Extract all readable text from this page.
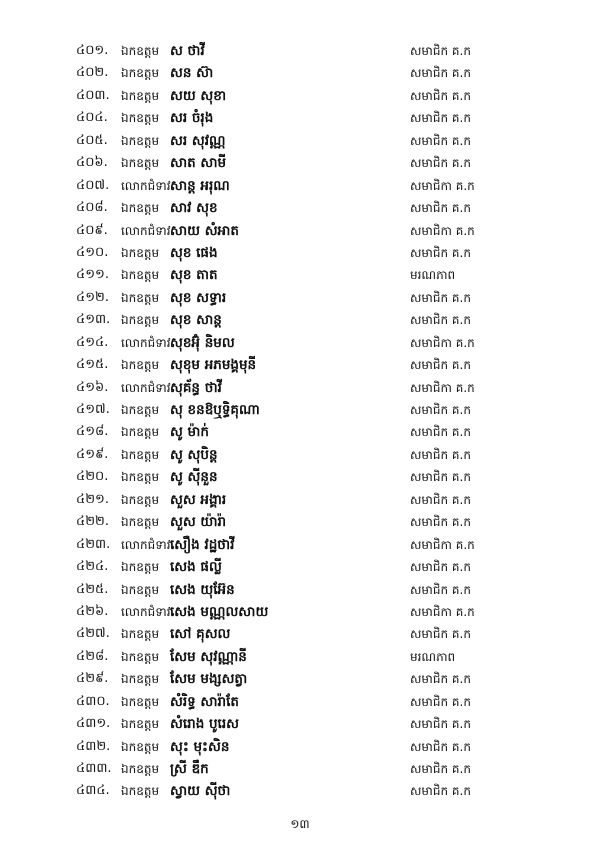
៤០១. ឯកឧត្តម ស ថាវី	សមាជិក គ.ក
៤០២. ឯកឧត្តម សន ស៊ា	សមាជិក គ.ក
៤០៣. ឯកឧត្តម សយ សុខា	សមាជិក គ.ក
៤០៤. ឯកឧត្តម សរ ចំរុង	សមាជិក គ.ក
៤០៥. ឯកឧត្តម សរ សុវណ្ណ	សមាជិក គ.ក
៤០៦. ឯកឧត្តម សាត សាមី	សមាជិក គ.ក
៤០៧. លោកជំទាវ សាន្ត អរុណ	សមាជិកា គ.ក
៤០៨. ឯកឧត្តម សាវ សុខ	សមាជិក គ.ក
៤០៩. លោកជំទាវ សាយ សំអាត	សមាជិកា គ.ក
៤១០. ឯកឧត្តម សុខ ផេង	សមាជិក គ.ក
៤១១. ឯកឧត្តម សុខ តាត	មរណភាព
៤១២. ឯកឧត្តម សុខ សទ្ធារ	សមាជិក គ.ក
៤១៣. ឯកឧត្តម សុខ សាន្ត	សមាជិក គ.ក
៤១៤. លោកជំទាវ សុខអ៊ុំ និមល	សមាជិកា គ.ក
៤១៥. ឯកឧត្តម សុខុម អភមង្គមុនី	សមាជិក គ.ក
៤១៦. លោកជំទាវ សុគ័ន្ធ ថាវី	សមាជិកា គ.ក
៤១៧. ឯកឧត្តម សុ ខនឱឬទ្ធិគុណា	សមាជិក គ.ក
៤១៨. ឯកឧត្តម សូ ម៉ាក់	សមាជិក គ.ក
៤១៩. ឯកឧត្តម សូ សុបិន្ត	សមាជិក គ.ក
៤២០. ឯកឧត្តម សូ ស៊ីនួន	សមាជិក គ.ក
៤២១. ឯកឧត្តម សួស អង្គារ	សមាជិក គ.ក
៤២២. ឯកឧត្តម សួស យ៉ារ៉ា	សមាជិក គ.ក
៤២៣. លោកជំទាវ សឿង វដ្ឋថាវី	សមាជិកា គ.ក
៤២៤. ឯកឧត្តម សេង ផល្លី	សមាជិក គ.ក
៤២៥. ឯកឧត្តម សេង យុអ៊ែន	សមាជិក គ.ក
៤២៦. លោកជំទាវ សេង មណ្ណលសាយ	សមាជិកា គ.ក
៤២៧. ឯកឧត្តម សៅ គុសល	សមាជិក គ.ក
៤២៨. ឯកឧត្តម សែម សុវណ្ណានី	មរណភាព
៤២៩. ឯកឧត្តម សែម មង្សសត្វា	សមាជិក គ.ក
៤៣០. ឯកឧត្តម សំរិទ្ធ សារ៉ាតែ	សមាជិក គ.ក
៤៣១. ឯកឧត្តម សំរោង បូរេស	សមាជិក គ.ក
៤៣២. ឯកឧត្តម សុះ មុះសិន	សមាជិក គ.ក
៤៣៣. ឯកឧត្តម ស្រី ឌឹក	សមាជិក គ.ក
៤៣៤. ឯកឧត្តម ស្វាយ ស៊ីថា	សមាជិក គ.ក
១៣
